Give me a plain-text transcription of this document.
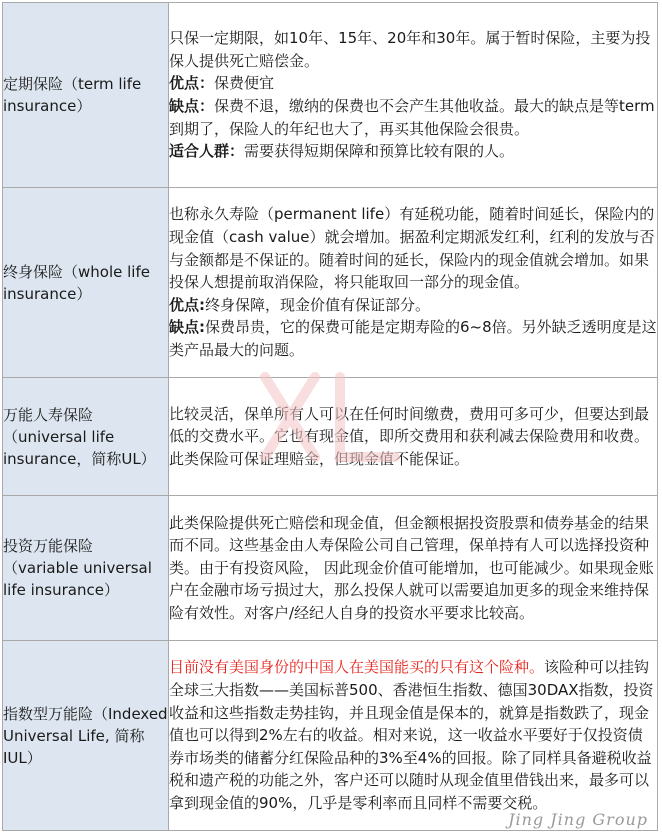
定期保险（term life insurance）	只保一定期限，如10年、15年、20年和30年。属于暂时保险，主要为投保人提供死亡赔偿金。
优点：保费便宜
缺点：保费不退，缴纳的保费也不会产生其他收益。最大的缺点是等term到期了，保险人的年纪也大了，再买其他保险会很贵。
适合人群：需要获得短期保障和预算比较有限的人。

终身保险（whole life insurance）	也称永久寿险（permanent life）有延税功能，随着时间延长，保险内的现金值（cash value）就会增加。据盈利定期派发红利，红利的发放与否与金额都是不保证的。随着时间的延长，保险内的现金值就会增加。如果投保人想提前取消保险，将只能取回一部分的现金值。
优点:终身保障，现金价值有保证部分。
缺点:保费昂贵，它的保费可能是定期寿险的6~8倍。另外缺乏透明度是这类产品最大的问题。

万能人寿保险（universal life insurance，简称UL）	比较灵活，保单所有人可以在任何时间缴费，费用可多可少，但要达到最低的交费水平。它也有现金值，即所交费用和获利减去保险费用和收费。 此类保险可保证理赔金，但现金值不能保证。

投资万能保险（variable universal life insurance）	此类保险提供死亡赔偿和现金值，但金额根据投资股票和债券基金的结果而不同。这些基金由人寿保险公司自己管理，保单持有人可以选择投资种类。由于有投资风险， 因此现金价值可能增加，也可能减少。如果现金账户在金融市场亏损过大，那么投保人就可以需要追加更多的现金来维持保险有效性。对客户/经纪人自身的投资水平要求比较高。

指数型万能险（Indexed Universal Life, 简称IUL）	目前没有美国身份的中国人在美国能买的只有这个险种。该险种可以挂钩全球三大指数——美国标普500、香港恒生指数、德国30DAX指数，投资收益和这些指数走势挂钩，并且现金值是保本的，就算是指数跌了，现金值也可以得到2%左右的收益。相对来说，这一收益水平要好于仅投资债券市场类的储蓄分红保险品种的3%至4%的回报。除了同样具备避税收益税和遗产税的功能之外，客户还可以随时从现金值里借钱出来，最多可以拿到现金值的90%，几乎是零利率而且同样不需要交税。
Jing Jing Group
